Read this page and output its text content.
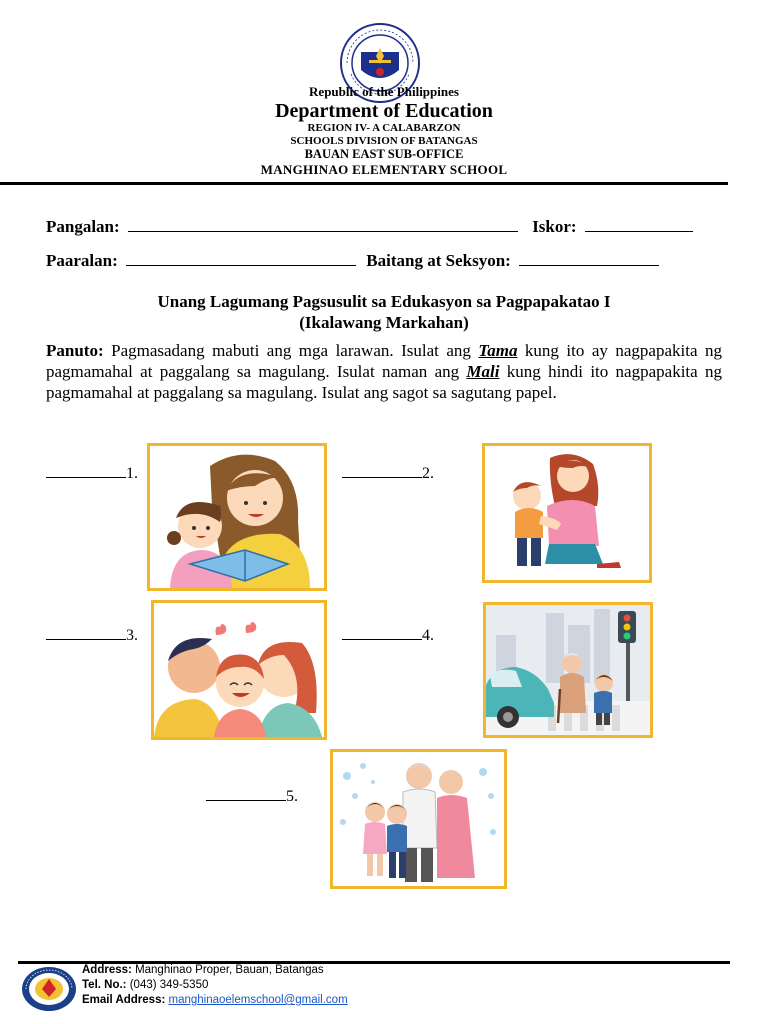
Republic of the Philippines
Department of Education
REGION IV- A CALABARZON
SCHOOLS DIVISION OF BATANGAS
BAUAN EAST SUB-OFFICE
MANGHINAO ELEMENTARY SCHOOL
Pangalan:	Iskor:
Paaralan:	Baitang at Seksyon:
Unang Lagumang Pagsusulit sa Edukasyon sa Pagpapakatao I
(Ikalawang Markahan)
Panuto: Pagmasadang mabuti ang mga larawan. Isulat ang Tama kung ito ay nagpapakita ng pagmamahal at paggalang sa magulang. Isulat naman ang Mali kung hindi ito nagpapakita ng pagmamahal at paggalang sa magulang. Isulat ang sagot sa sagutang papel.
1.	2.
3.	4.
5.
Address: Manghinao Proper, Bauan, Batangas
Tel. No.: (043) 349-5350
Email Address: manghinaoelemschool@gmail.com
